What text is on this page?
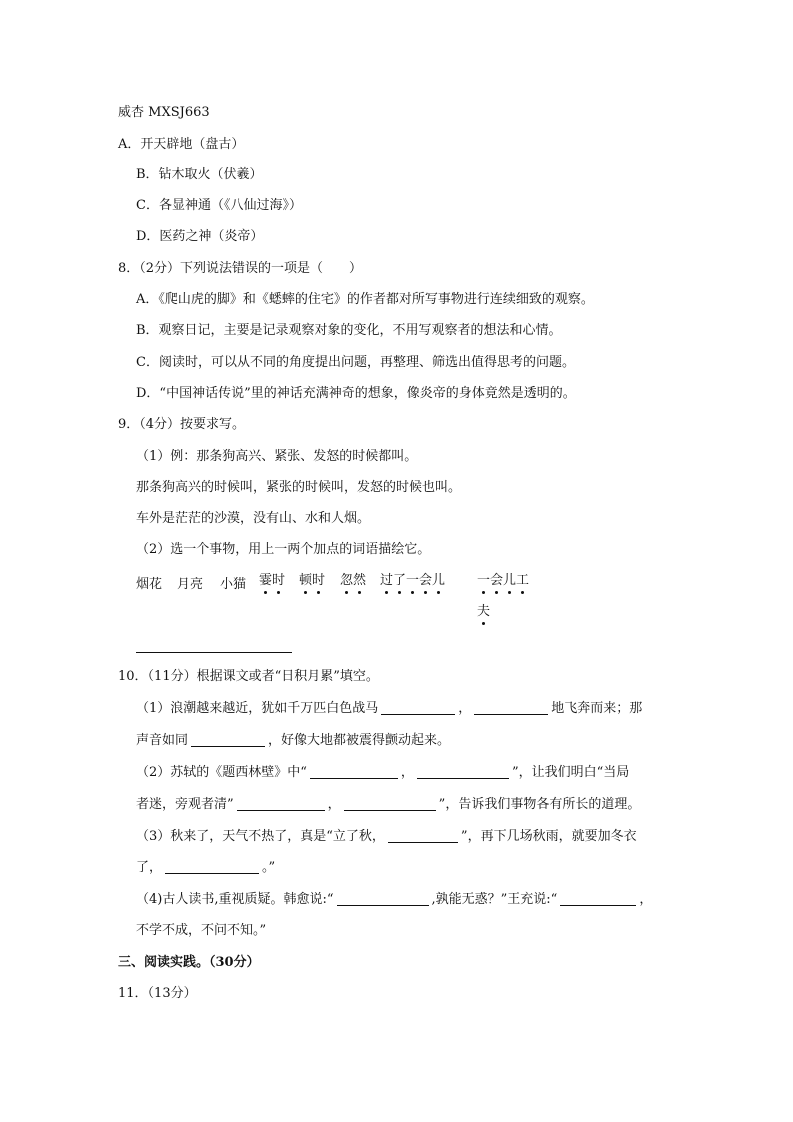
威杏 MXSJ663
A．开天辟地（盘古）
B．钻木取火（伏羲）
C．各显神通（《八仙过海》）
D．医药之神（炎帝）
8．（2分）下列说法错误的一项是（　　）
A．《爬山虎的脚》和《蟋蟀的住宅》的作者都对所写事物进行连续细致的观察。
B．观察日记，主要是记录观察对象的变化，不用写观察者的想法和心情。
C．阅读时，可以从不同的角度提出问题，再整理、筛选出值得思考的问题。
D．“中国神话传说”里的神话充满神奇的想象，像炎帝的身体竟然是透明的。
9．（4分）按要求写。
（1）例：那条狗高兴、紧张、发怒的时候都叫。
那条狗高兴的时候叫，紧张的时候叫，发怒的时候也叫。
车外是茫茫的沙漠，没有山、水和人烟。
（2）选一个事物，用上一两个加点的词语描绘它。
烟花 月亮 小猫 霎时 顿时 忽然 过了一会儿 一会儿工
夫
10．（11分）根据课文或者“日积月累”填空。
（1）浪潮越来越近，犹如千万匹白色战马	，	地飞奔而来；那
声音如同	，好像大地都被震得颤动起来。
（2）苏轼的《题西林壁》中“	，	”，让我们明白“当局
者迷，旁观者清”	，	”，告诉我们事物各有所长的道理。
（3）秋来了，天气不热了，真是“立了秋，	”，再下几场秋雨，就要加冬衣
了，	。”
（4)古人读书,重视质疑。韩愈说:“	,孰能无惑？”王充说:“	，
不学不成，不问不知。”
三、阅读实践。（30分）
11．（13分）
